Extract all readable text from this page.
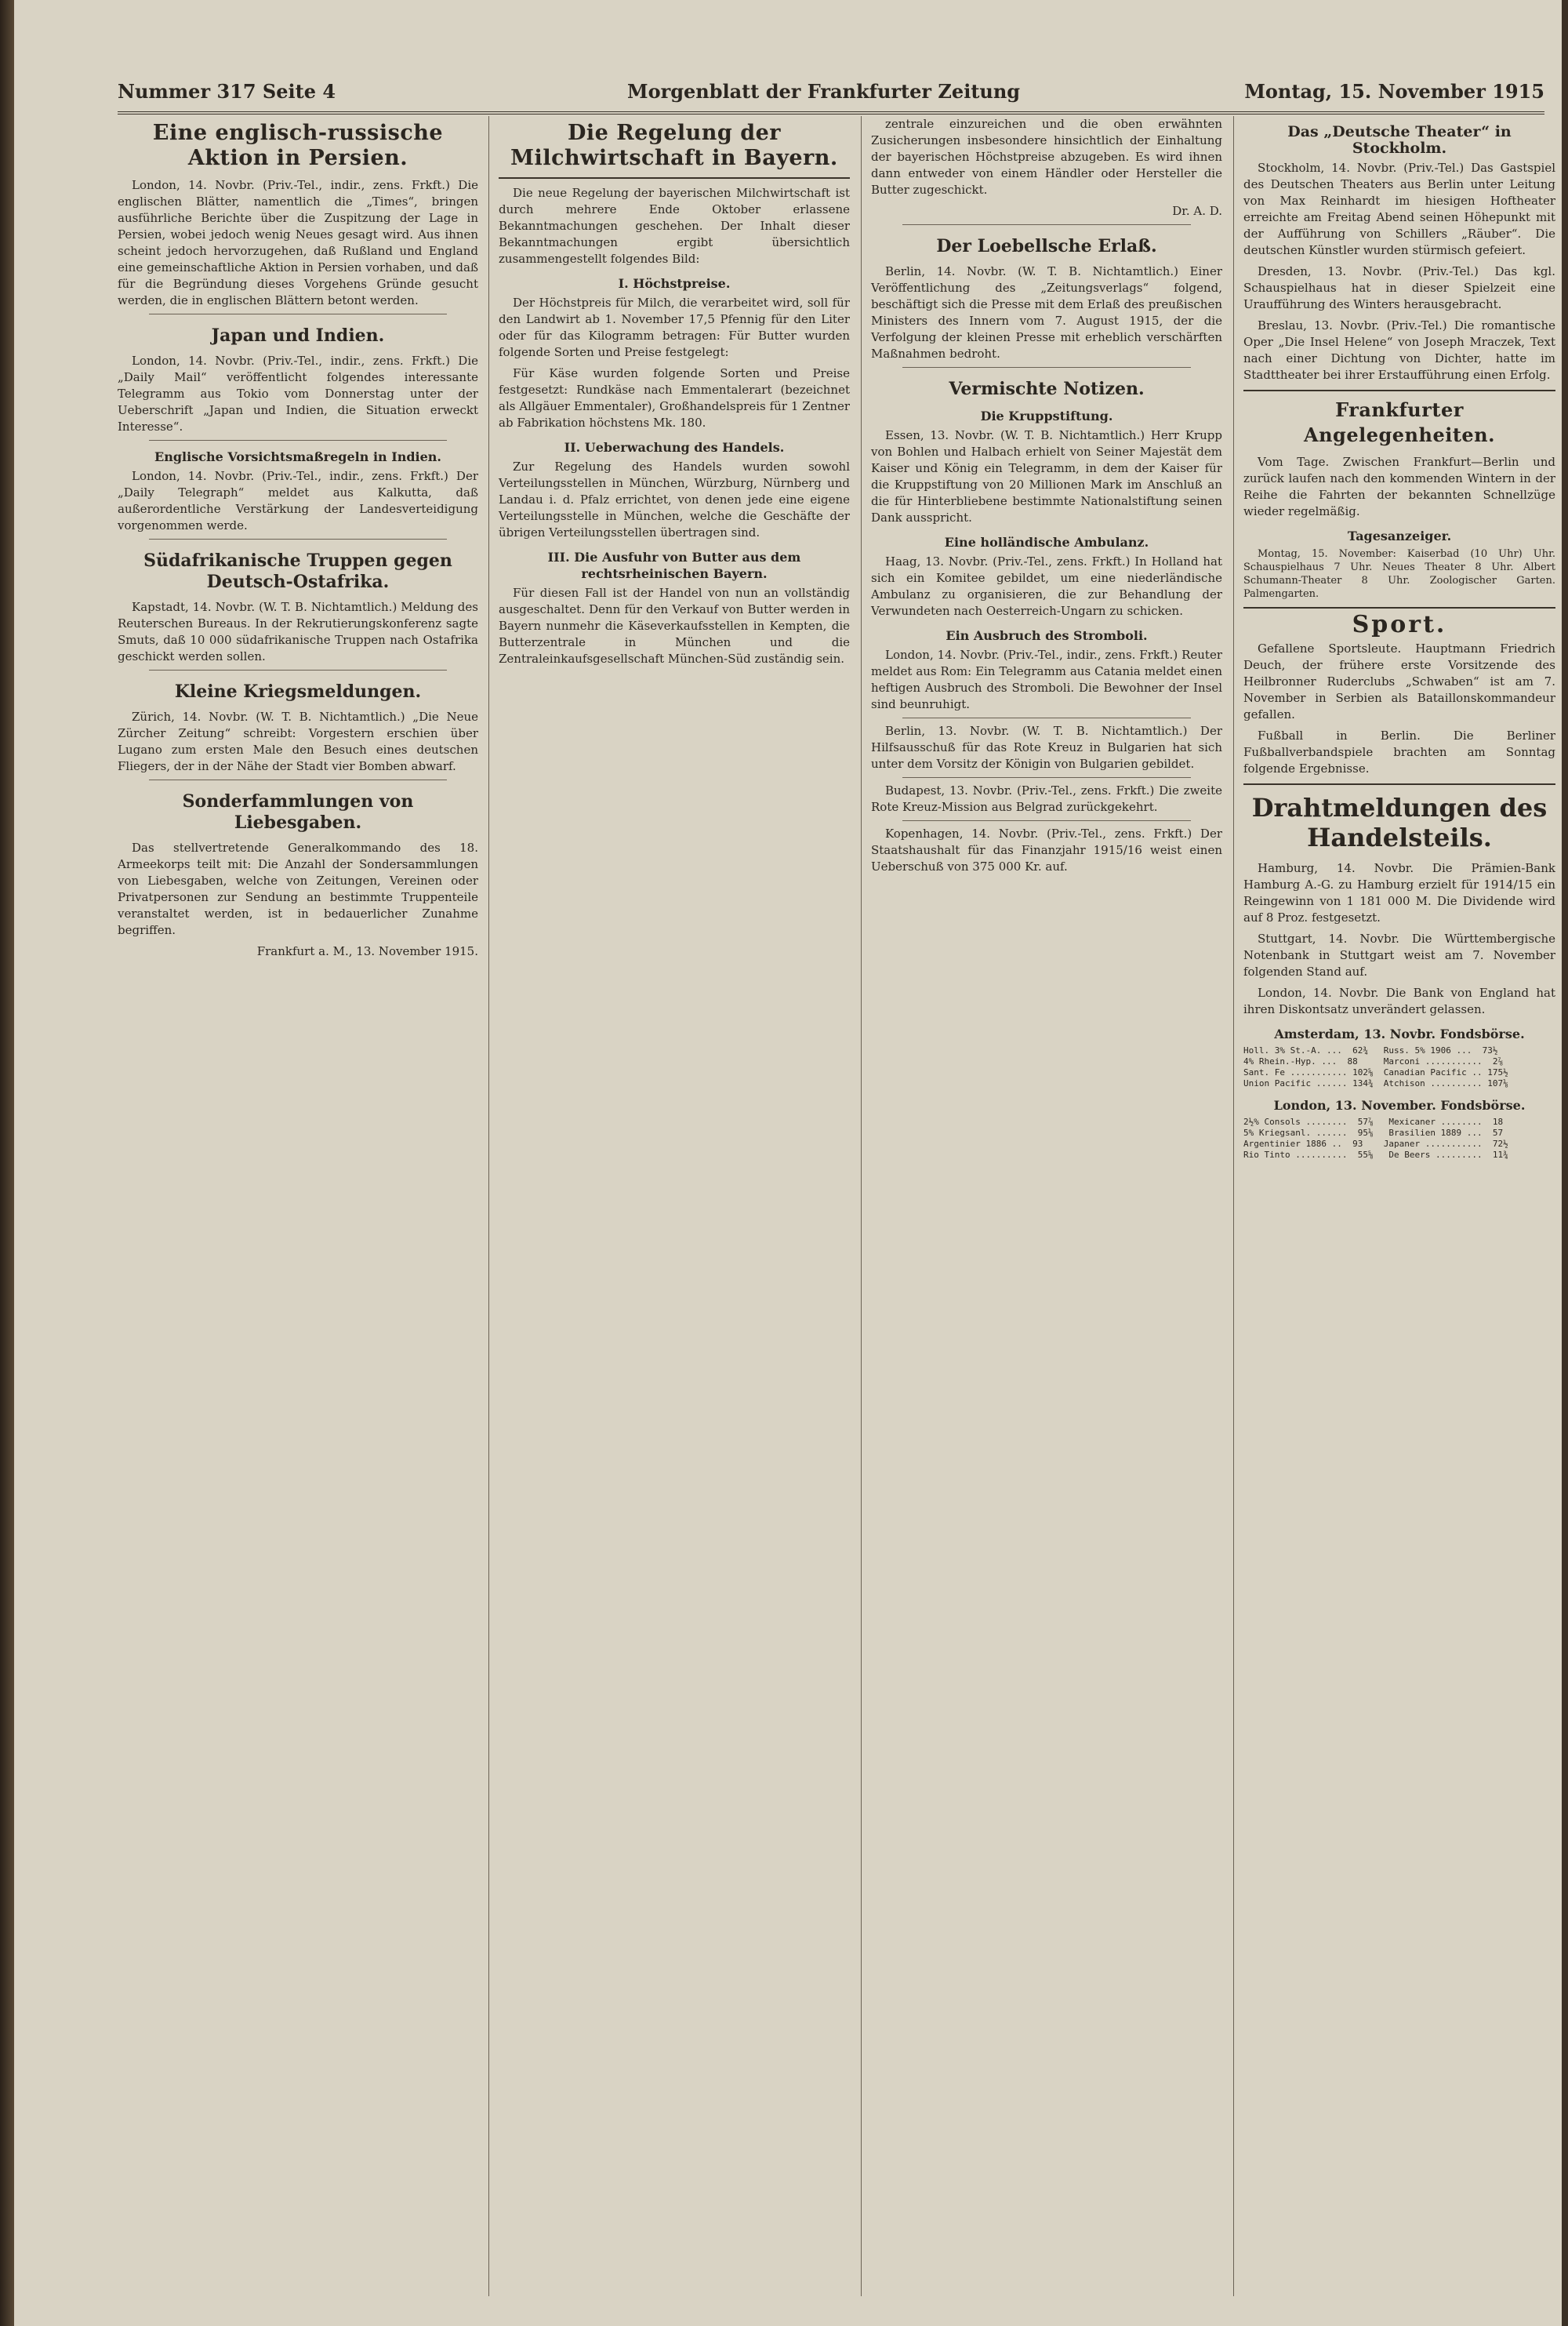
Nummer 317 Seite 4	Morgenblatt der Frankfurter Zeitung	Montag, 15. November 1915
Eine englisch-russische Aktion in Persien.

London, 14. Novbr. (Priv.-Tel., indir., zens. Frkft.) Die englischen Blätter, namentlich die „Times“, bringen ausführliche Berichte über die Zuspitzung der Lage in Persien, wobei jedoch wenig Neues gesagt wird. Aus ihnen scheint jedoch hervorzugehen, daß Rußland und England eine gemeinschaftliche Aktion in Persien vorhaben, und daß für die Begründung dieses Vorgehens Gründe gesucht werden, die in englischen Blättern betont werden.

Japan und Indien.

London, 14. Novbr. (Priv.-Tel., indir., zens. Frkft.) Die „Daily Mail“ veröffentlicht folgendes interessante Telegramm aus Tokio vom Donnerstag unter der Ueberschrift „Japan und Indien, die Situation erweckt Interesse“.

Englische Vorsichtsmaßregeln in Indien.

London, 14. Novbr. (Priv.-Tel., indir., zens. Frkft.) Der „Daily Telegraph“ meldet aus Kalkutta, daß außerordentliche Verstärkung der Landesverteidigung vorgenommen werde.

Südafrikanische Truppen gegen Deutsch-Ostafrika.

Kapstadt, 14. Novbr. (W. T. B. Nichtamtlich.) Meldung des Reuterschen Bureaus. In der Rekrutierungskonferenz sagte Smuts, daß 10 000 südafrikanische Truppen nach Ostafrika geschickt werden sollen.

Kleine Kriegsmeldungen.

Zürich, 14. Novbr. (W. T. B. Nichtamtlich.) „Die Neue Zürcher Zeitung“ schreibt: Vorgestern erschien über Lugano zum ersten Male den Besuch eines deutschen Fliegers, der in der Nähe der Stadt vier Bomben abwarf.

Sonderfammlungen von Liebesgaben.

Das stellvertretende Generalkommando des 18. Armeekorps teilt mit: Die Anzahl der Sondersammlungen von Liebesgaben, welche von Zeitungen, Vereinen oder Privatpersonen zur Sendung an bestimmte Truppenteile veranstaltet werden, ist in bedauerlicher Zunahme begriffen.

Frankfurt a. M., 13. November 1915.

Die Regelung der Milchwirtschaft in Bayern.

Die neue Regelung der bayerischen Milchwirtschaft ist durch mehrere Ende Oktober erlassene Bekanntmachungen geschehen. Der Inhalt dieser Bekanntmachungen ergibt übersichtlich zusammengestellt folgendes Bild:

I. Höchstpreise.

Der Höchstpreis für Milch, die verarbeitet wird, soll für den Landwirt ab 1. November 17,5 Pfennig für den Liter oder für das Kilogramm betragen: Für Butter wurden folgende Sorten und Preise festgelegt:

Für Käse wurden folgende Sorten und Preise festgesetzt: Rundkäse nach Emmentalerart (bezeichnet als Allgäuer Emmentaler), Großhandelspreis für 1 Zentner ab Fabrikation höchstens Mk. 180.

II. Ueberwachung des Handels.

Zur Regelung des Handels wurden sowohl Verteilungsstellen in München, Würzburg, Nürnberg und Landau i. d. Pfalz errichtet, von denen jede eine eigene Verteilungsstelle in München, welche die Geschäfte der übrigen Verteilungsstellen übertragen sind.

III. Die Ausfuhr von Butter aus dem rechtsrheinischen Bayern.

Für diesen Fall ist der Handel von nun an vollständig ausgeschaltet. Denn für den Verkauf von Butter werden in Bayern nunmehr die Käseverkaufsstellen in Kempten, die Butterzentrale in München und die Zentraleinkaufsgesellschaft München-Süd zuständig sein.

zentrale einzureichen und die oben erwähnten Zusicherungen insbesondere hinsichtlich der Einhaltung der bayerischen Höchstpreise abzugeben. Es wird ihnen dann entweder von einem Händler oder Hersteller die Butter zugeschickt.

Dr. A. D.

Der Loebellsche Erlaß.

Berlin, 14. Novbr. (W. T. B. Nichtamtlich.) Einer Veröffentlichung des „Zeitungsverlags“ folgend, beschäftigt sich die Presse mit dem Erlaß des preußischen Ministers des Innern vom 7. August 1915, der die Verfolgung der kleinen Presse mit erheblich verschärften Maßnahmen bedroht.

Vermischte Notizen.
Die Kruppstiftung.

Essen, 13. Novbr. (W. T. B. Nichtamtlich.) Herr Krupp von Bohlen und Halbach erhielt von Seiner Majestät dem Kaiser und König ein Telegramm, in dem der Kaiser für die Kruppstiftung von 20 Millionen Mark im Anschluß an die für Hinterbliebene bestimmte Nationalstiftung seinen Dank ausspricht.

Eine holländische Ambulanz.

Haag, 13. Novbr. (Priv.-Tel., zens. Frkft.) In Holland hat sich ein Komitee gebildet, um eine niederländische Ambulanz zu organisieren, die zur Behandlung der Verwundeten nach Oesterreich-Ungarn zu schicken.

Ein Ausbruch des Stromboli.

London, 14. Novbr. (Priv.-Tel., indir., zens. Frkft.) Reuter meldet aus Rom: Ein Telegramm aus Catania meldet einen heftigen Ausbruch des Stromboli. Die Bewohner der Insel sind beunruhigt.

Berlin, 13. Novbr. (W. T. B. Nichtamtlich.) Der Hilfsausschuß für das Rote Kreuz in Bulgarien hat sich unter dem Vorsitz der Königin von Bulgarien gebildet.

Budapest, 13. Novbr. (Priv.-Tel., zens. Frkft.) Die zweite Rote Kreuz-Mission aus Belgrad zurückgekehrt.

Kopenhagen, 14. Novbr. (Priv.-Tel., zens. Frkft.) Der Staatshaushalt für das Finanzjahr 1915/16 weist einen Ueberschuß von 375 000 Kr. auf.

Das „Deutsche Theater“ in Stockholm.

Stockholm, 14. Novbr. (Priv.-Tel.) Das Gastspiel des Deutschen Theaters aus Berlin unter Leitung von Max Reinhardt im hiesigen Hoftheater erreichte am Freitag Abend seinen Höhepunkt mit der Aufführung von Schillers „Räuber“. Die deutschen Künstler wurden stürmisch gefeiert.

Dresden, 13. Novbr. (Priv.-Tel.) Das kgl. Schauspielhaus hat in dieser Spielzeit eine Uraufführung des Winters herausgebracht.

Breslau, 13. Novbr. (Priv.-Tel.) Die romantische Oper „Die Insel Helene“ von Joseph Mraczek, Text nach einer Dichtung von Dichter, hatte im Stadttheater bei ihrer Erstaufführung einen Erfolg.

Frankfurter Angelegenheiten.

Vom Tage. Zwischen Frankfurt—Berlin und zurück laufen nach den kommenden Wintern in der Reihe die Fahrten der bekannten Schnellzüge wieder regelmäßig.

Tagesanzeiger.

Montag, 15. November: Kaiserbad (10 Uhr) Uhr. Schauspielhaus 7 Uhr. Neues Theater 8 Uhr. Albert Schumann-Theater 8 Uhr. Zoologischer Garten. Palmengarten.

Sport.

Gefallene Sportsleute. Hauptmann Friedrich Deuch, der frühere erste Vorsitzende des Heilbronner Ruderclubs „Schwaben“ ist am 7. November in Serbien als Bataillonskommandeur gefallen.

Fußball in Berlin. Die Berliner Fußballverbandspiele brachten am Sonntag folgende Ergebnisse.

Drahtmeldungen des Handelsteils.

Hamburg, 14. Novbr. Die Prämien-Bank Hamburg A.-G. zu Hamburg erzielt für 1914/15 ein Reingewinn von 1 181 000 M. Die Dividende wird auf 8 Proz. festgesetzt.

Stuttgart, 14. Novbr. Die Württembergische Notenbank in Stuttgart weist am 7. November folgenden Stand auf.

London, 14. Novbr. Die Bank von England hat ihren Diskontsatz unverändert gelassen.

Amsterdam, 13. Novbr. Fondsbörse.
Holl. 3% St.-A. ...  62¾   Russ. 5% 1906 ...  73½
4% Rhein.-Hyp. ...  88     Marconi ...........  2⅞
Sant. Fe ........... 102⅝  Canadian Pacific .. 175½
Union Pacific ...... 134¾  Atchison .......... 107⅛
London, 13. November. Fondsbörse.
2½% Consols ........  57⅞   Mexicaner ........  18
5% Kriegsanl. ......  95⅛   Brasilien 1889 ...  57
Argentinier 1886 ..  93    Japaner ...........  72½
Rio Tinto ..........  55⅝   De Beers .........  11¾
